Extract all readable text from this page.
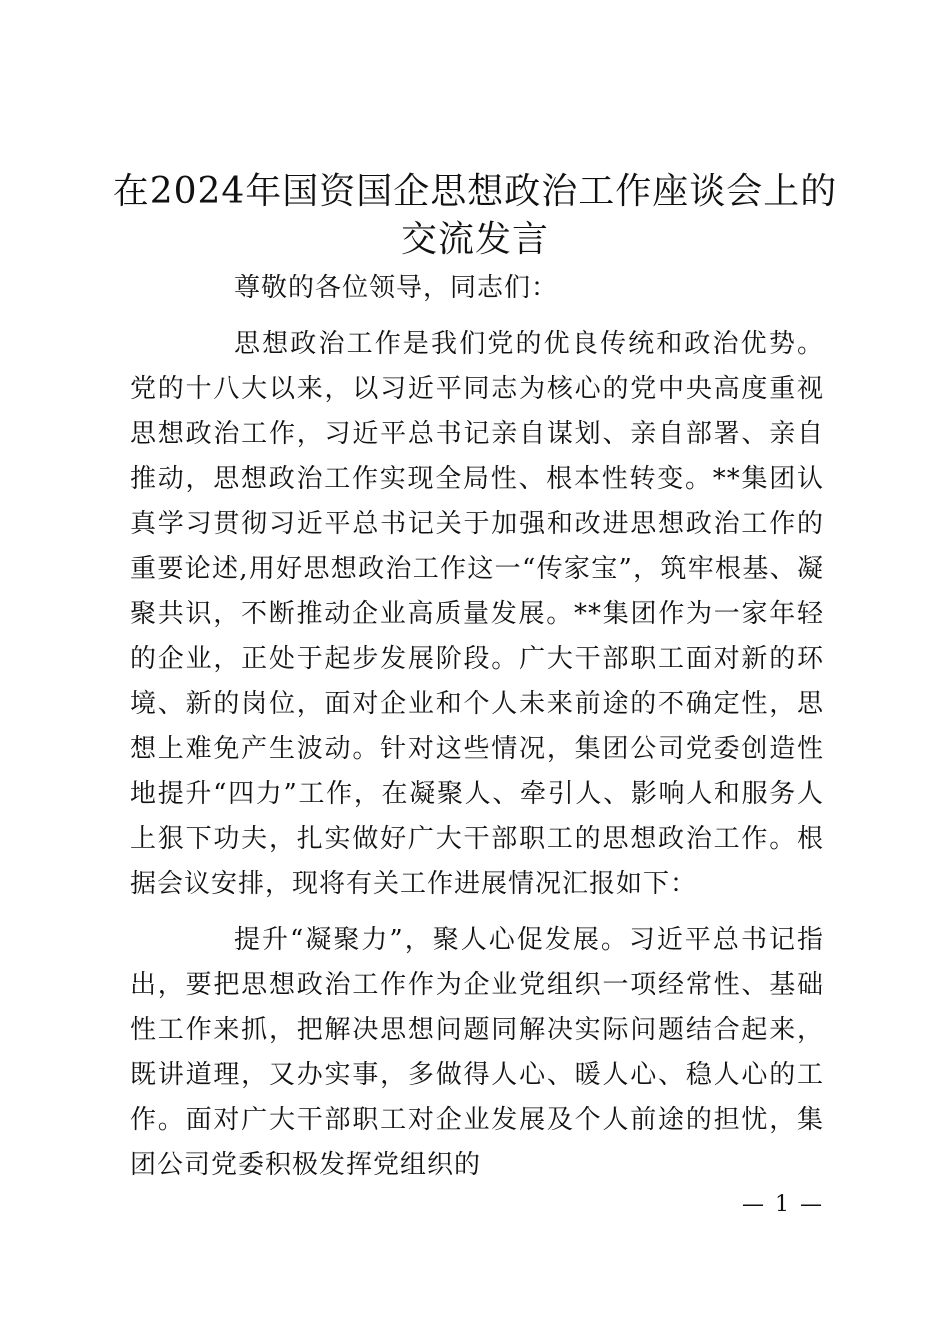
在2024年国资国企思想政治工作座谈会上的
交流发言

尊敬的各位领导，同志们：

思想政治工作是我们党的优良传统和政治优势。党的十八大以来，以习近平同志为核心的党中央高度重视思想政治工作，习近平总书记亲自谋划、亲自部署、亲自推动，思想政治工作实现全局性、根本性转变。**集团认真学习贯彻习近平总书记关于加强和改进思想政治工作的重要论述,用好思想政治工作这一“传家宝”，筑牢根基、凝聚共识，不断推动企业高质量发展。**集团作为一家年轻的企业，正处于起步发展阶段。广大干部职工面对新的环境、新的岗位，面对企业和个人未来前途的不确定性，思想上难免产生波动。针对这些情况，集团公司党委创造性地提升“四力”工作，在凝聚人、牵引人、影响人和服务人上狠下功夫，扎实做好广大干部职工的思想政治工作。根据会议安排，现将有关工作进展情况汇报如下：

提升“凝聚力”，聚人心促发展。习近平总书记指出，要把思想政治工作作为企业党组织一项经常性、基础性工作来抓，把解决思想问题同解决实际问题结合起来，既讲道理，又办实事，多做得人心、暖人心、稳人心的工作。面对广大干部职工对企业发展及个人前途的担忧，集团公司党委积极发挥党组织的

— 1 —
